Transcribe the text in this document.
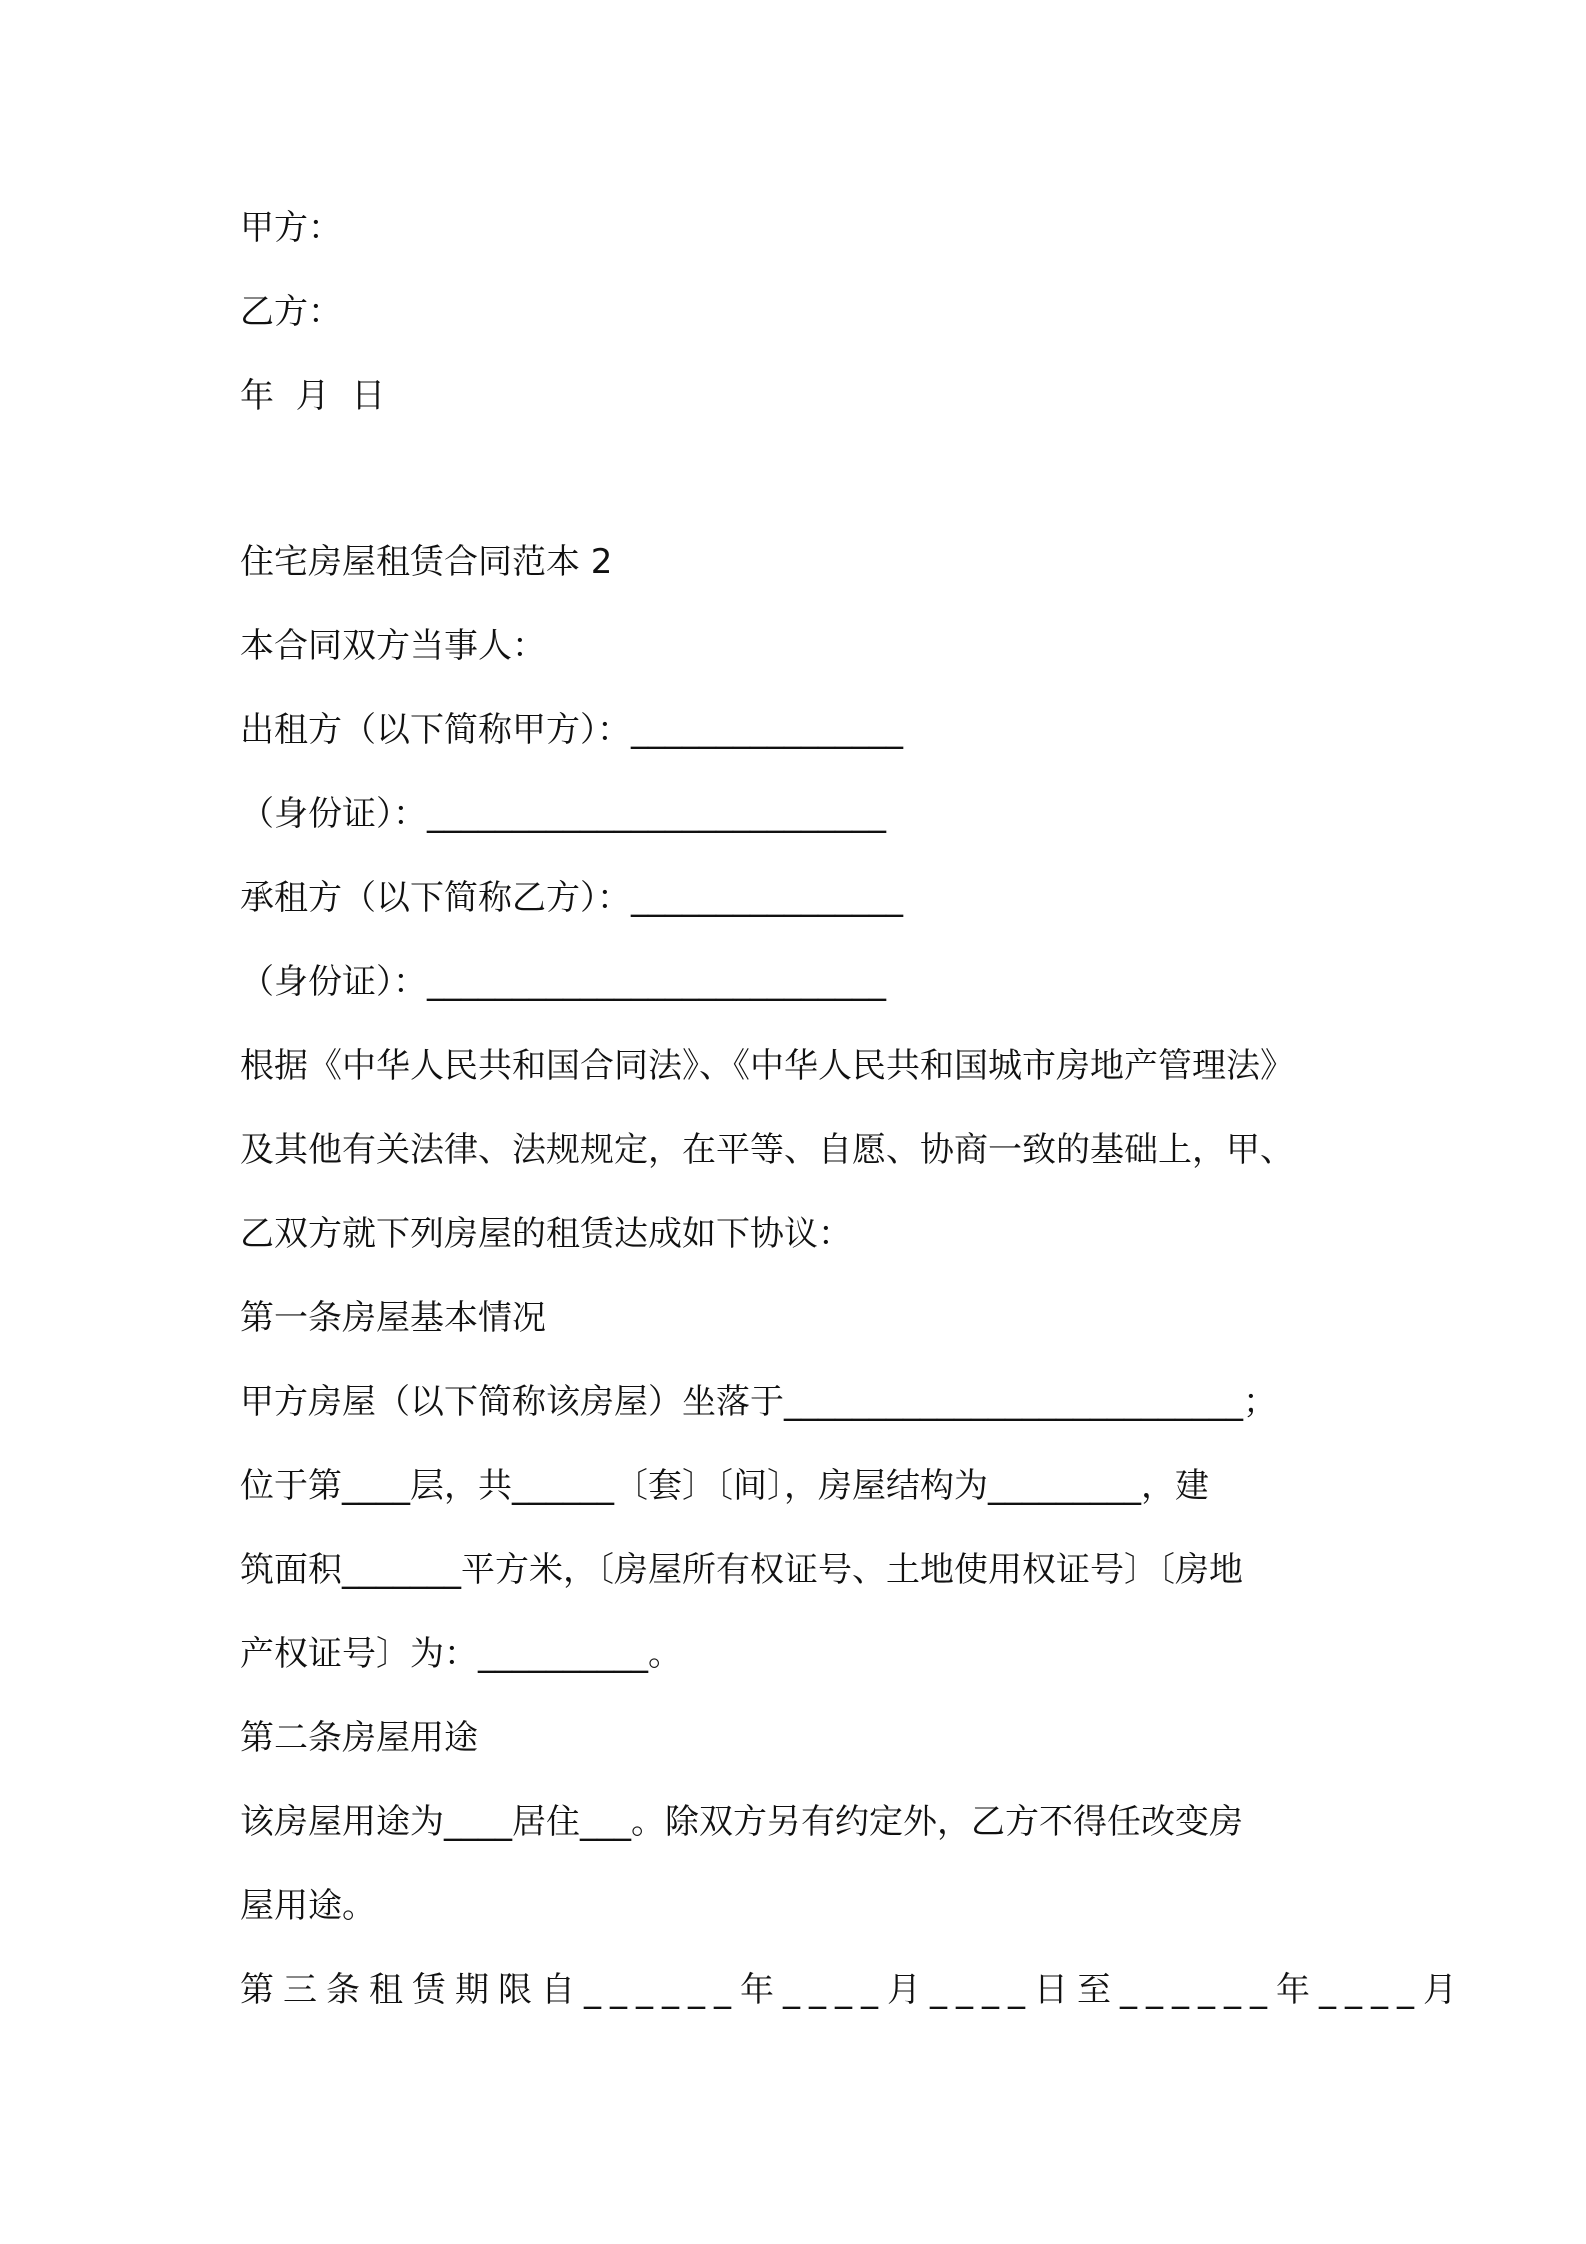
甲方：
乙方：
年  月  日
住宅房屋租赁合同范本 2
本合同双方当事人：
出租方（以下简称甲方）：________________
（身份证）：___________________________
承租方（以下简称乙方）：________________
（身份证）：___________________________
根据《中华人民共和国合同法》、《中华人民共和国城市房地产管理法》
及其他有关法律、法规规定，在平等、自愿、协商一致的基础上，甲、
乙双方就下列房屋的租赁达成如下协议：
第一条房屋基本情况
甲方房屋（以下简称该房屋）坐落于___________________________；
位于第____层，共______〔套〕〔间〕，房屋结构为_________，建
筑面积_______平方米，〔房屋所有权证号、土地使用权证号〕〔房地
产权证号〕为：__________。
第二条房屋用途
该房屋用途为____居住___。除双方另有约定外，乙方不得任改变房
屋用途。
第三条租赁期限自______年____月____日至______年____月
